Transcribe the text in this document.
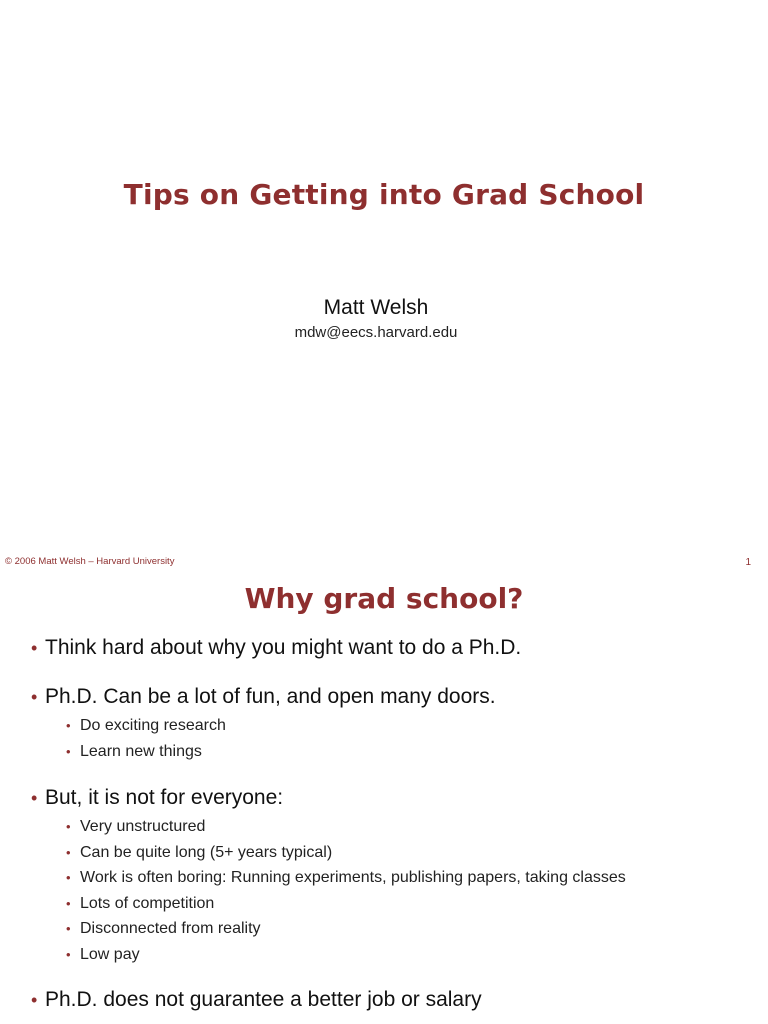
Tips on Getting into Grad School
Matt Welsh
mdw@eecs.harvard.edu
© 2006 Matt Welsh – Harvard University	1
Why grad school?
• Think hard about why you might want to do a Ph.D.
• Ph.D. Can be a lot of fun, and open many doors.
• Do exciting research
• Learn new things
• But, it is not for everyone:
• Very unstructured
• Can be quite long (5+ years typical)
• Work is often boring: Running experiments, publishing papers, taking classes
• Lots of competition
• Disconnected from reality
• Low pay
• Ph.D. does not guarantee a better job or salary
